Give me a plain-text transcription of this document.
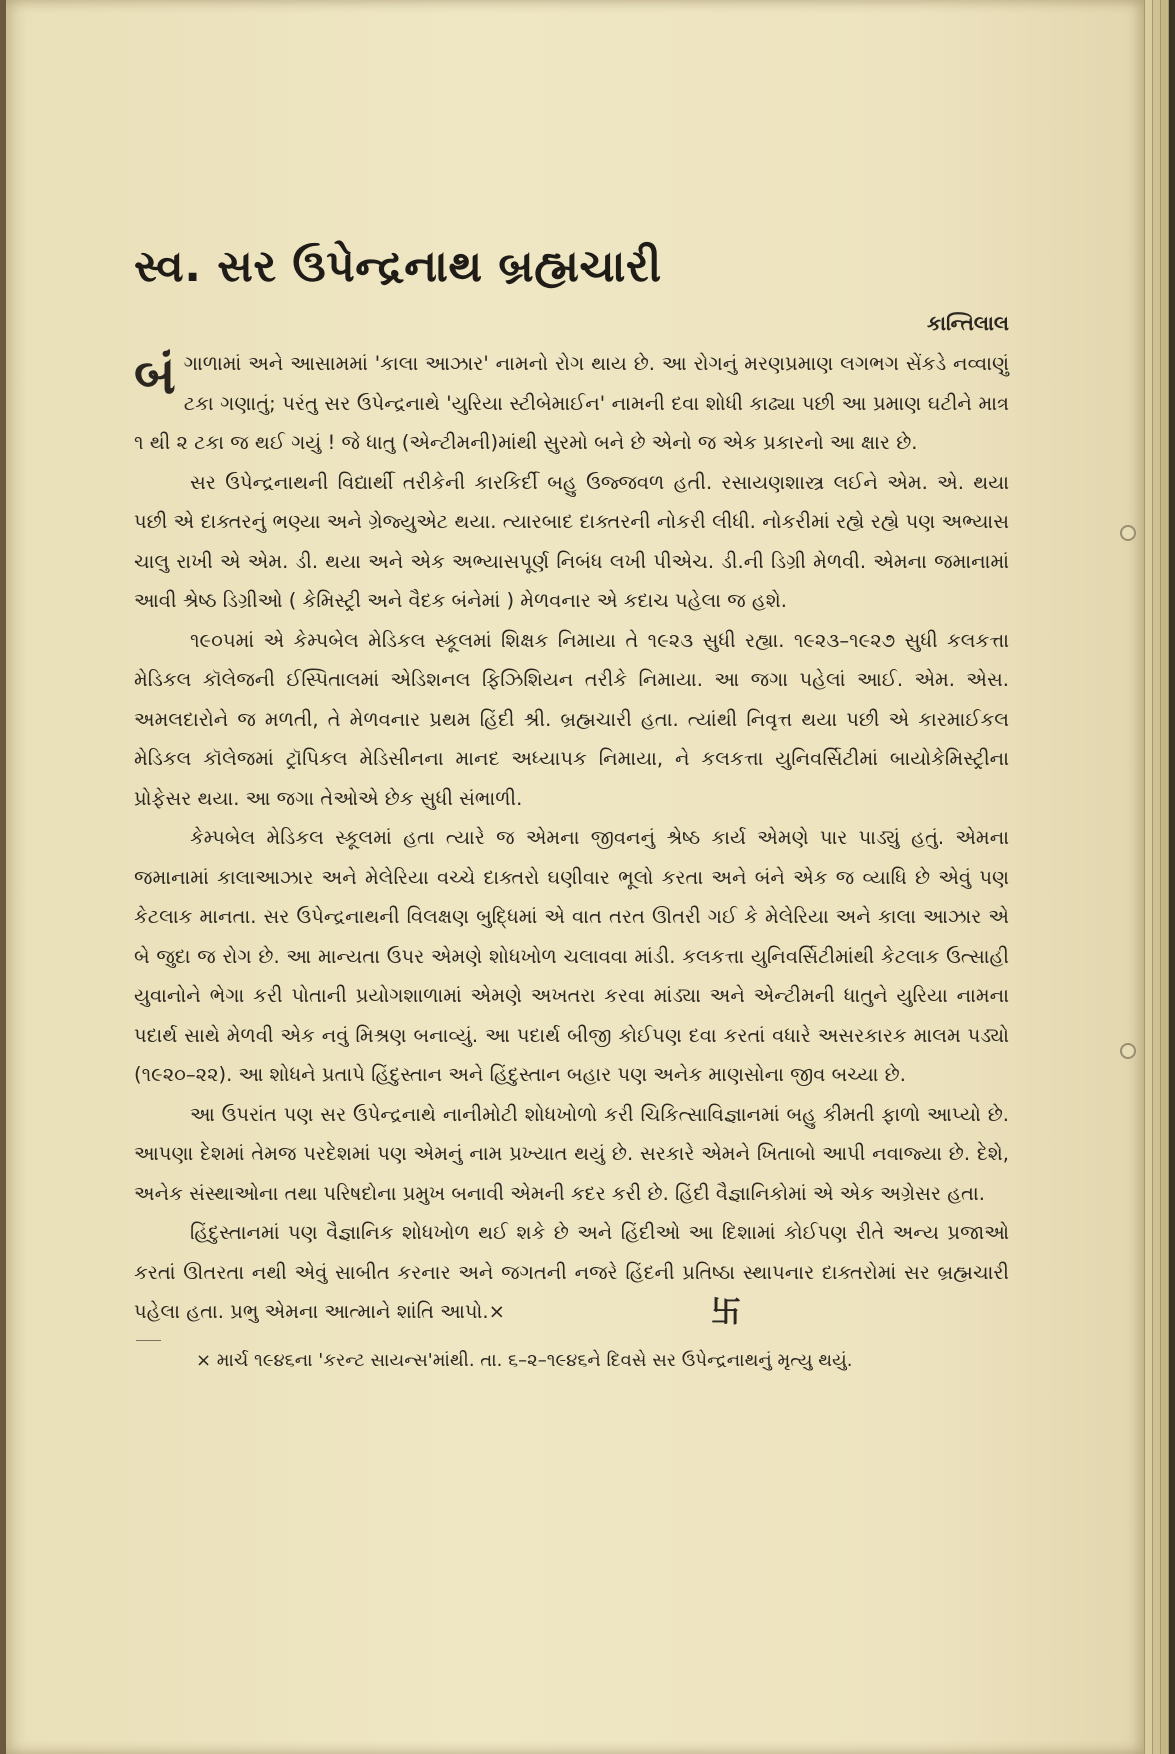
સ્વ. સર ઉપેન્દ્રનાથ બ્રહ્મચારી

કાન્તિલાલ

બંગાળામાં અને આસામમાં 'કાલા આઝાર' નામનો રોગ થાય છે. આ રોગનું મરણપ્રમાણ લગભગ સેંકડે નવ્વાણું ટકા ગણાતું; પરંતુ સર ઉપેન્દ્રનાથે 'યુરિયા સ્ટીબેમાઈન' નામની દવા શોધી કાઢ્યા પછી આ પ્રમાણ ઘટીને માત્ર ૧ થી ૨ ટકા જ થઈ ગયું ! જે ધાતુ (એન્ટીમની)માંથી સુરમો બને છે એનો જ એક પ્રકારનો આ ક્ષાર છે.

સર ઉપેન્દ્રનાથની વિદ્યાર્થી તરીકેની કારકિર્દી બહુ ઉજ્જવળ હતી. રસાયણશાસ્ત્ર લઈને એમ. એ. થયા પછી એ દાક્તરનું ભણ્યા અને ગ્રેજ્યુએટ થયા. ત્યારબાદ દાક્તરની નોકરી લીધી. નોકરીમાં રહ્યે રહ્યે પણ અભ્યાસ ચાલુ રાખી એ એમ. ડી. થયા અને એક અભ્યાસપૂર્ણ નિબંધ લખી પીએચ. ડી.ની ડિગ્રી મેળવી. એમના જમાનામાં આવી શ્રેષ્ઠ ડિગ્રીઓ ( કેમિસ્ટ્રી અને વૈદક બંનેમાં ) મેળવનાર એ કદાચ પહેલા જ હશે.

૧૯૦૫માં એ કેમ્પબેલ મેડિકલ સ્કૂલમાં શિક્ષક નિમાયા તે ૧૯૨૩ સુધી રહ્યા. ૧૯૨૩–૧૯૨૭ સુધી કલકત્તા મેડિકલ કૉલેજની ઈસ્પિતાલમાં એડિશનલ ફિઝિશિયન તરીકે નિમાયા. આ જગા પહેલાં આઈ. એમ. એસ. અમલદારોને જ મળતી, તે મેળવનાર પ્રથમ હિંદી શ્રી. બ્રહ્મચારી હતા. ત્યાંથી નિવૃત્ત થયા પછી એ કારમાઈકલ મેડિકલ કૉલેજમાં ટ્રૉપિકલ મેડિસીનના માનદ અધ્યાપક નિમાયા, ને કલકત્તા યુનિવર્સિટીમાં બાયોકેમિસ્ટ્રીના પ્રોફેસર થયા. આ જગા તેઓએ છેક સુધી સંભાળી.

કેમ્પબેલ મેડિકલ સ્કૂલમાં હતા ત્યારે જ એમના જીવનનું શ્રેષ્ઠ કાર્ય એમણે પાર પાડ્યું હતું. એમના જમાનામાં કાલાઆઝાર અને મેલેરિયા વચ્ચે દાક્તરો ઘણીવાર ભૂલો કરતા અને બંને એક જ વ્યાધિ છે એવું પણ કેટલાક માનતા. સર ઉપેન્દ્રનાથની વિલક્ષણ બુદ્ધિમાં એ વાત તરત ઊતરી ગઈ કે મેલેરિયા અને કાલા આઝાર એ બે જુદા જ રોગ છે. આ માન્યતા ઉપર એમણે શોધખોળ ચલાવવા માંડી. કલકત્તા યુનિવર્સિટીમાંથી કેટલાક ઉત્સાહી યુવાનોને ભેગા કરી પોતાની પ્રયોગશાળામાં એમણે અખતરા કરવા માંડ્યા અને એન્ટીમની ધાતુને યુરિયા નામના પદાર્થ સાથે મેળવી એક નવું મિશ્રણ બનાવ્યું. આ પદાર્થ બીજી કોઈપણ દવા કરતાં વધારે અસરકારક માલમ પડ્યો (૧૯૨૦–૨૨). આ શોધને પ્રતાપે હિંદુસ્તાન અને હિંદુસ્તાન બહાર પણ અનેક માણસોના જીવ બચ્યા છે.

આ ઉપરાંત પણ સર ઉપેન્દ્રનાથે નાનીમોટી શોધખોળો કરી ચિકિત્સાવિજ્ઞાનમાં બહુ કીમતી ફાળો આપ્યો છે. આપણા દેશમાં તેમજ પરદેશમાં પણ એમનું નામ પ્રખ્યાત થયું છે. સરકારે એમને ખિતાબો આપી નવાજ્યા છે. દેશે, અનેક સંસ્થાઓના તથા પરિષદોના પ્રમુખ બનાવી એમની કદર કરી છે. હિંદી વૈજ્ઞાનિકોમાં એ એક અગ્રેસર હતા.

હિંદુસ્તાનમાં પણ વૈજ્ઞાનિક શોધખોળ થઈ શકે છે અને હિંદીઓ આ દિશામાં કોઈપણ રીતે અન્ય પ્રજાઓ કરતાં ઊતરતા નથી એવું સાબીત કરનાર અને જગતની નજરે હિંદની પ્રતિષ્ઠા સ્થાપનાર દાક્તરોમાં સર બ્રહ્મચારી પહેલા હતા. પ્રભુ એમના આત્માને શાંતિ આપો.×	卐

× માર્ચ ૧૯૪૬ના 'કરન્ટ સાયન્સ'માંથી. તા. ૬–૨–૧૯૪૬ને દિવસે સર ઉપેન્દ્રનાથનું મૃત્યુ થયું.
